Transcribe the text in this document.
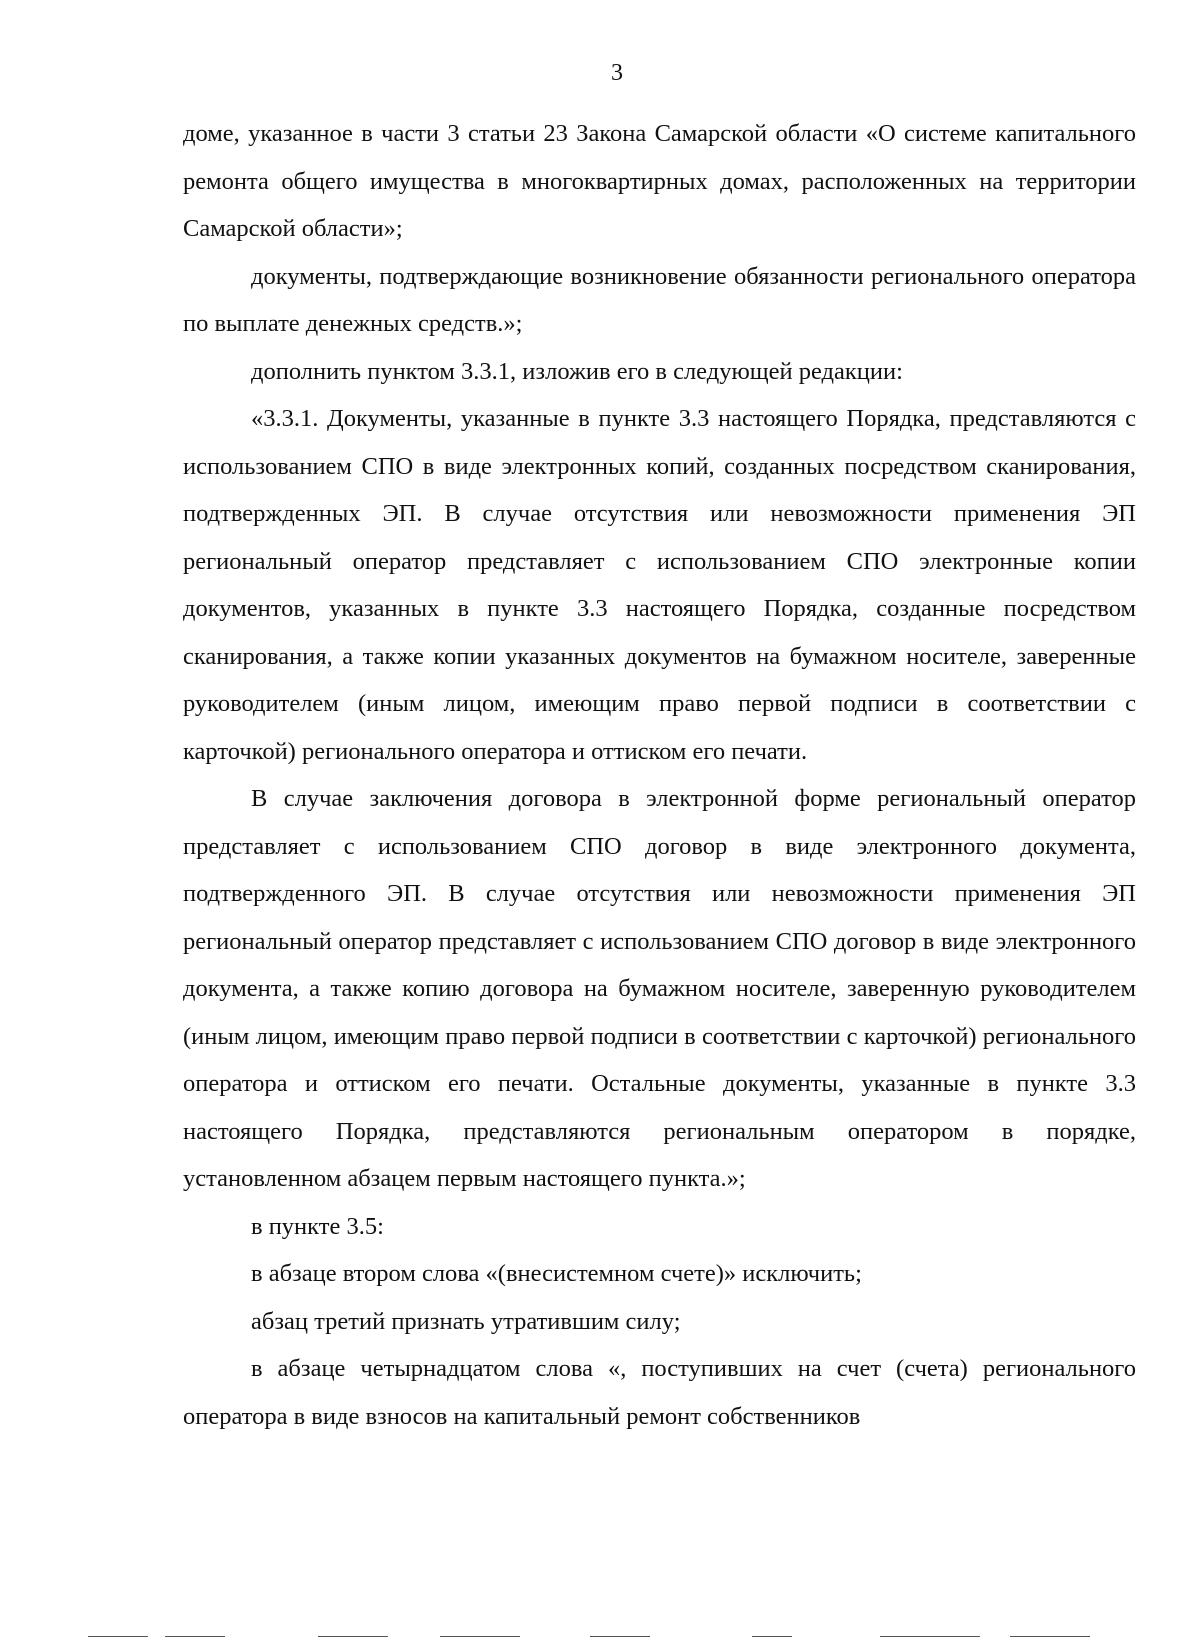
3

доме, указанное в части 3 статьи 23 Закона Самарской области «О системе капитального ремонта общего имущества в многоквартирных домах, расположенных на территории Самарской области»;

документы, подтверждающие возникновение обязанности регионального оператора по выплате денежных средств.»;

дополнить пунктом 3.3.1, изложив его в следующей редакции:

«3.3.1. Документы, указанные в пункте 3.3 настоящего Порядка, представляются с использованием СПО в виде электронных копий, созданных посредством сканирования, подтвержденных ЭП. В случае отсутствия или невозможности применения ЭП региональный оператор представляет с использованием СПО электронные копии документов, указанных в пункте 3.3 настоящего Порядка, созданные посредством сканирования, а также копии указанных документов на бумажном носителе, заверенные руководителем (иным лицом, имеющим право первой подписи в соответствии с карточкой) регионального оператора и оттиском его печати.

В случае заключения договора в электронной форме региональный оператор представляет с использованием СПО договор в виде электронного документа, подтвержденного ЭП. В случае отсутствия или невозможности применения ЭП региональный оператор представляет с использованием СПО договор в виде электронного документа, а также копию договора на бумажном носителе, заверенную руководителем (иным лицом, имеющим право первой подписи в соответствии с карточкой) регионального оператора и оттиском его печати. Остальные документы, указанные в пункте 3.3 настоящего Порядка, представляются региональным оператором в порядке, установленном абзацем первым настоящего пункта.»;

в пункте 3.5:

в абзаце втором слова «(внесистемном счете)» исключить;

абзац третий признать утратившим силу;

в абзаце четырнадцатом слова «, поступивших на счет (счета) регионального оператора в виде взносов на капитальный ремонт собственников
